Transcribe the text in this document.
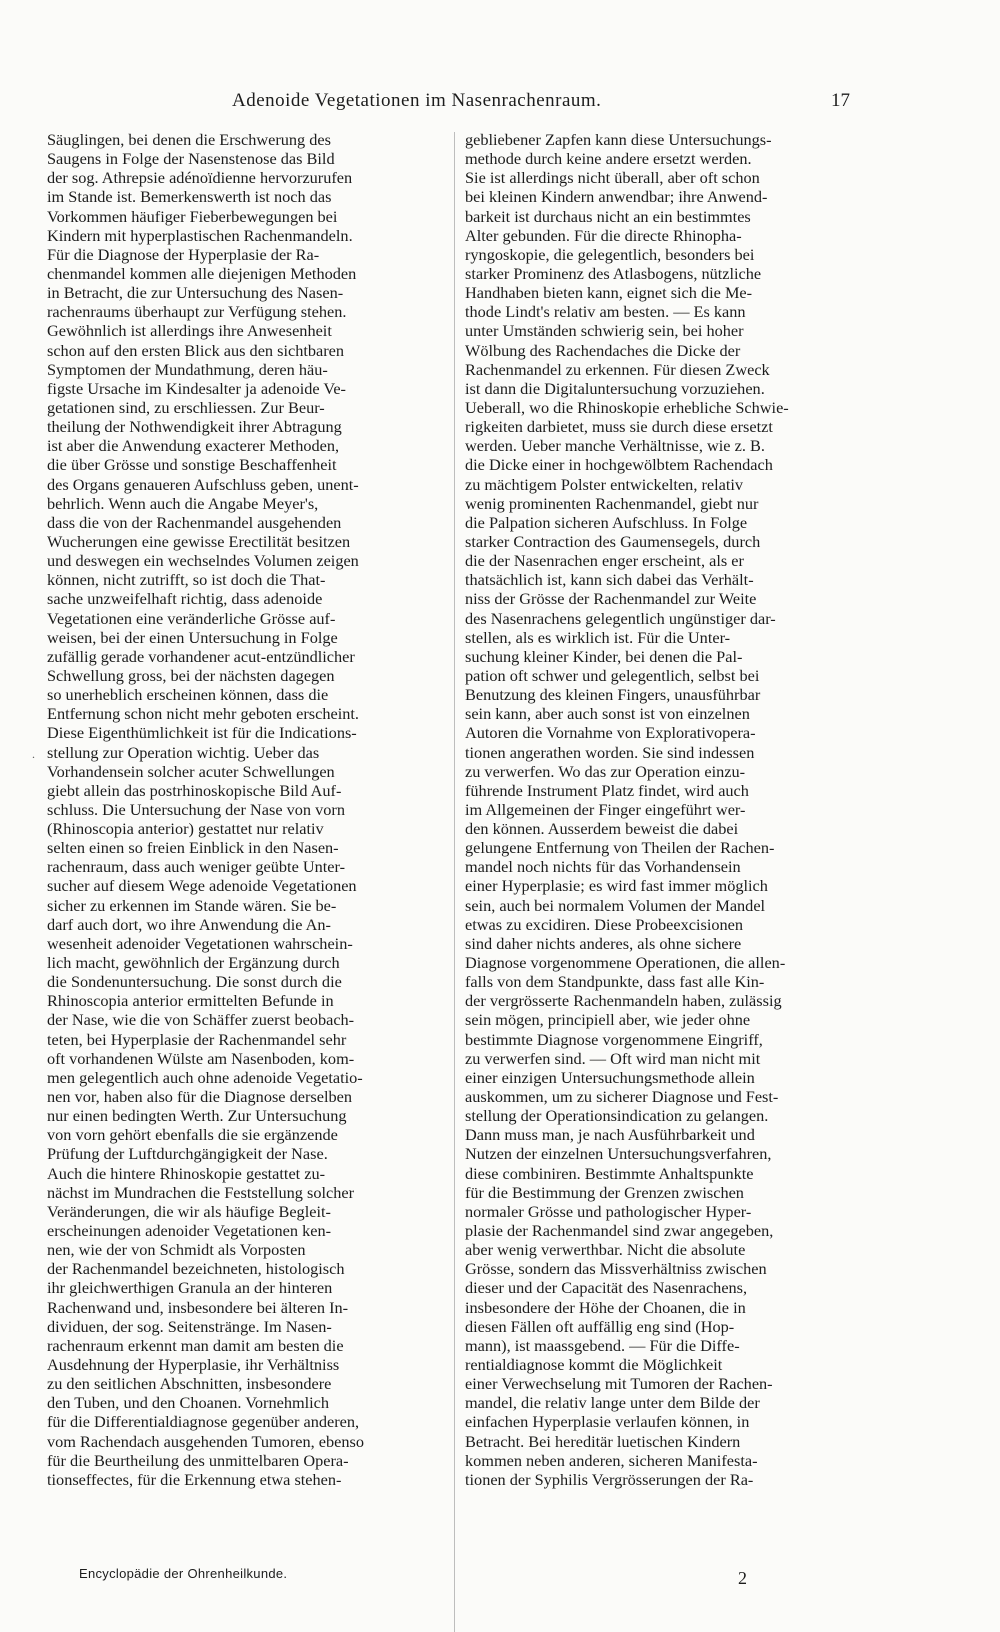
Adenoide Vegetationen im Nasenrachenraum.	17
Säuglingen, bei denen die Erschwerung des
Saugens in Folge der Nasenstenose das Bild
der sog. Athrepsie adénoïdienne hervorzurufen
im Stande ist. Bemerkenswerth ist noch das
Vorkommen häufiger Fieberbewegungen bei
Kindern mit hyperplastischen Rachenmandeln.
Für die Diagnose der Hyperplasie der Ra-
chenmandel kommen alle diejenigen Methoden
in Betracht, die zur Untersuchung des Nasen-
rachenraums überhaupt zur Verfügung stehen.
Gewöhnlich ist allerdings ihre Anwesenheit
schon auf den ersten Blick aus den sichtbaren
Symptomen der Mundathmung, deren häu-
figste Ursache im Kindesalter ja adenoide Ve-
getationen sind, zu erschliessen. Zur Beur-
theilung der Nothwendigkeit ihrer Abtragung
ist aber die Anwendung exacterer Methoden,
die über Grösse und sonstige Beschaffenheit
des Organs genaueren Aufschluss geben, unent-
behrlich. Wenn auch die Angabe Meyer's,
dass die von der Rachenmandel ausgehenden
Wucherungen eine gewisse Erectilität besitzen
und deswegen ein wechselndes Volumen zeigen
können, nicht zutrifft, so ist doch die That-
sache unzweifelhaft richtig, dass adenoide
Vegetationen eine veränderliche Grösse auf-
weisen, bei der einen Untersuchung in Folge
zufällig gerade vorhandener acut-entzündlicher
Schwellung gross, bei der nächsten dagegen
so unerheblich erscheinen können, dass die
Entfernung schon nicht mehr geboten erscheint.
Diese Eigenthümlichkeit ist für die Indications-
stellung zur Operation wichtig. Ueber das
Vorhandensein solcher acuter Schwellungen
giebt allein das postrhinoskopische Bild Auf-
schluss. Die Untersuchung der Nase von vorn
(Rhinoscopia anterior) gestattet nur relativ
selten einen so freien Einblick in den Nasen-
rachenraum, dass auch weniger geübte Unter-
sucher auf diesem Wege adenoide Vegetationen
sicher zu erkennen im Stande wären. Sie be-
darf auch dort, wo ihre Anwendung die An-
wesenheit adenoider Vegetationen wahrschein-
lich macht, gewöhnlich der Ergänzung durch
die Sondenuntersuchung. Die sonst durch die
Rhinoscopia anterior ermittelten Befunde in
der Nase, wie die von Schäffer zuerst beobach-
teten, bei Hyperplasie der Rachenmandel sehr
oft vorhandenen Wülste am Nasenboden, kom-
men gelegentlich auch ohne adenoide Vegetatio-
nen vor, haben also für die Diagnose derselben
nur einen bedingten Werth. Zur Untersuchung
von vorn gehört ebenfalls die sie ergänzende
Prüfung der Luftdurchgängigkeit der Nase.
Auch die hintere Rhinoskopie gestattet zu-
nächst im Mundrachen die Feststellung solcher
Veränderungen, die wir als häufige Begleit-
erscheinungen adenoider Vegetationen ken-
nen, wie der von Schmidt als Vorposten
der Rachenmandel bezeichneten, histologisch
ihr gleichwerthigen Granula an der hinteren
Rachenwand und, insbesondere bei älteren In-
dividuen, der sog. Seitenstränge. Im Nasen-
rachenraum erkennt man damit am besten die
Ausdehnung der Hyperplasie, ihr Verhältniss
zu den seitlichen Abschnitten, insbesondere
den Tuben, und den Choanen. Vornehmlich
für die Differentialdiagnose gegenüber anderen,
vom Rachendach ausgehenden Tumoren, ebenso
für die Beurtheilung des unmittelbaren Opera-
tionseffectes, für die Erkennung etwa stehen-
gebliebener Zapfen kann diese Untersuchungs-
methode durch keine andere ersetzt werden.
Sie ist allerdings nicht überall, aber oft schon
bei kleinen Kindern anwendbar; ihre Anwend-
barkeit ist durchaus nicht an ein bestimmtes
Alter gebunden. Für die directe Rhinopha-
ryngoskopie, die gelegentlich, besonders bei
starker Prominenz des Atlasbogens, nützliche
Handhaben bieten kann, eignet sich die Me-
thode Lindt's relativ am besten. — Es kann
unter Umständen schwierig sein, bei hoher
Wölbung des Rachendaches die Dicke der
Rachenmandel zu erkennen. Für diesen Zweck
ist dann die Digitaluntersuchung vorzuziehen.
Ueberall, wo die Rhinoskopie erhebliche Schwie-
rigkeiten darbietet, muss sie durch diese ersetzt
werden. Ueber manche Verhältnisse, wie z. B.
die Dicke einer in hochgewölbtem Rachendach
zu mächtigem Polster entwickelten, relativ
wenig prominenten Rachenmandel, giebt nur
die Palpation sicheren Aufschluss. In Folge
starker Contraction des Gaumensegels, durch
die der Nasenrachen enger erscheint, als er
thatsächlich ist, kann sich dabei das Verhält-
niss der Grösse der Rachenmandel zur Weite
des Nasenrachens gelegentlich ungünstiger dar-
stellen, als es wirklich ist. Für die Unter-
suchung kleiner Kinder, bei denen die Pal-
pation oft schwer und gelegentlich, selbst bei
Benutzung des kleinen Fingers, unausführbar
sein kann, aber auch sonst ist von einzelnen
Autoren die Vornahme von Explorativopera-
tionen angerathen worden. Sie sind indessen
zu verwerfen. Wo das zur Operation einzu-
führende Instrument Platz findet, wird auch
im Allgemeinen der Finger eingeführt wer-
den können. Ausserdem beweist die dabei
gelungene Entfernung von Theilen der Rachen-
mandel noch nichts für das Vorhandensein
einer Hyperplasie; es wird fast immer möglich
sein, auch bei normalem Volumen der Mandel
etwas zu excidiren. Diese Probeexcisionen
sind daher nichts anderes, als ohne sichere
Diagnose vorgenommene Operationen, die allen-
falls von dem Standpunkte, dass fast alle Kin-
der vergrösserte Rachenmandeln haben, zulässig
sein mögen, principiell aber, wie jeder ohne
bestimmte Diagnose vorgenommene Eingriff,
zu verwerfen sind. — Oft wird man nicht mit
einer einzigen Untersuchungsmethode allein
auskommen, um zu sicherer Diagnose und Fest-
stellung der Operationsindication zu gelangen.
Dann muss man, je nach Ausführbarkeit und
Nutzen der einzelnen Untersuchungsverfahren,
diese combiniren. Bestimmte Anhaltspunkte
für die Bestimmung der Grenzen zwischen
normaler Grösse und pathologischer Hyper-
plasie der Rachenmandel sind zwar angegeben,
aber wenig verwerthbar. Nicht die absolute
Grösse, sondern das Missverhältniss zwischen
dieser und der Capacität des Nasenrachens,
insbesondere der Höhe der Choanen, die in
diesen Fällen oft auffällig eng sind (Hop-
mann), ist maassgebend. — Für die Diffe-
rentialdiagnose kommt die Möglichkeit
einer Verwechselung mit Tumoren der Rachen-
mandel, die relativ lange unter dem Bilde der
einfachen Hyperplasie verlaufen können, in
Betracht. Bei hereditär luetischen Kindern
kommen neben anderen, sicheren Manifesta-
tionen der Syphilis Vergrösserungen der Ra-
.
Encyclopädie der Ohrenheilkunde.	2
